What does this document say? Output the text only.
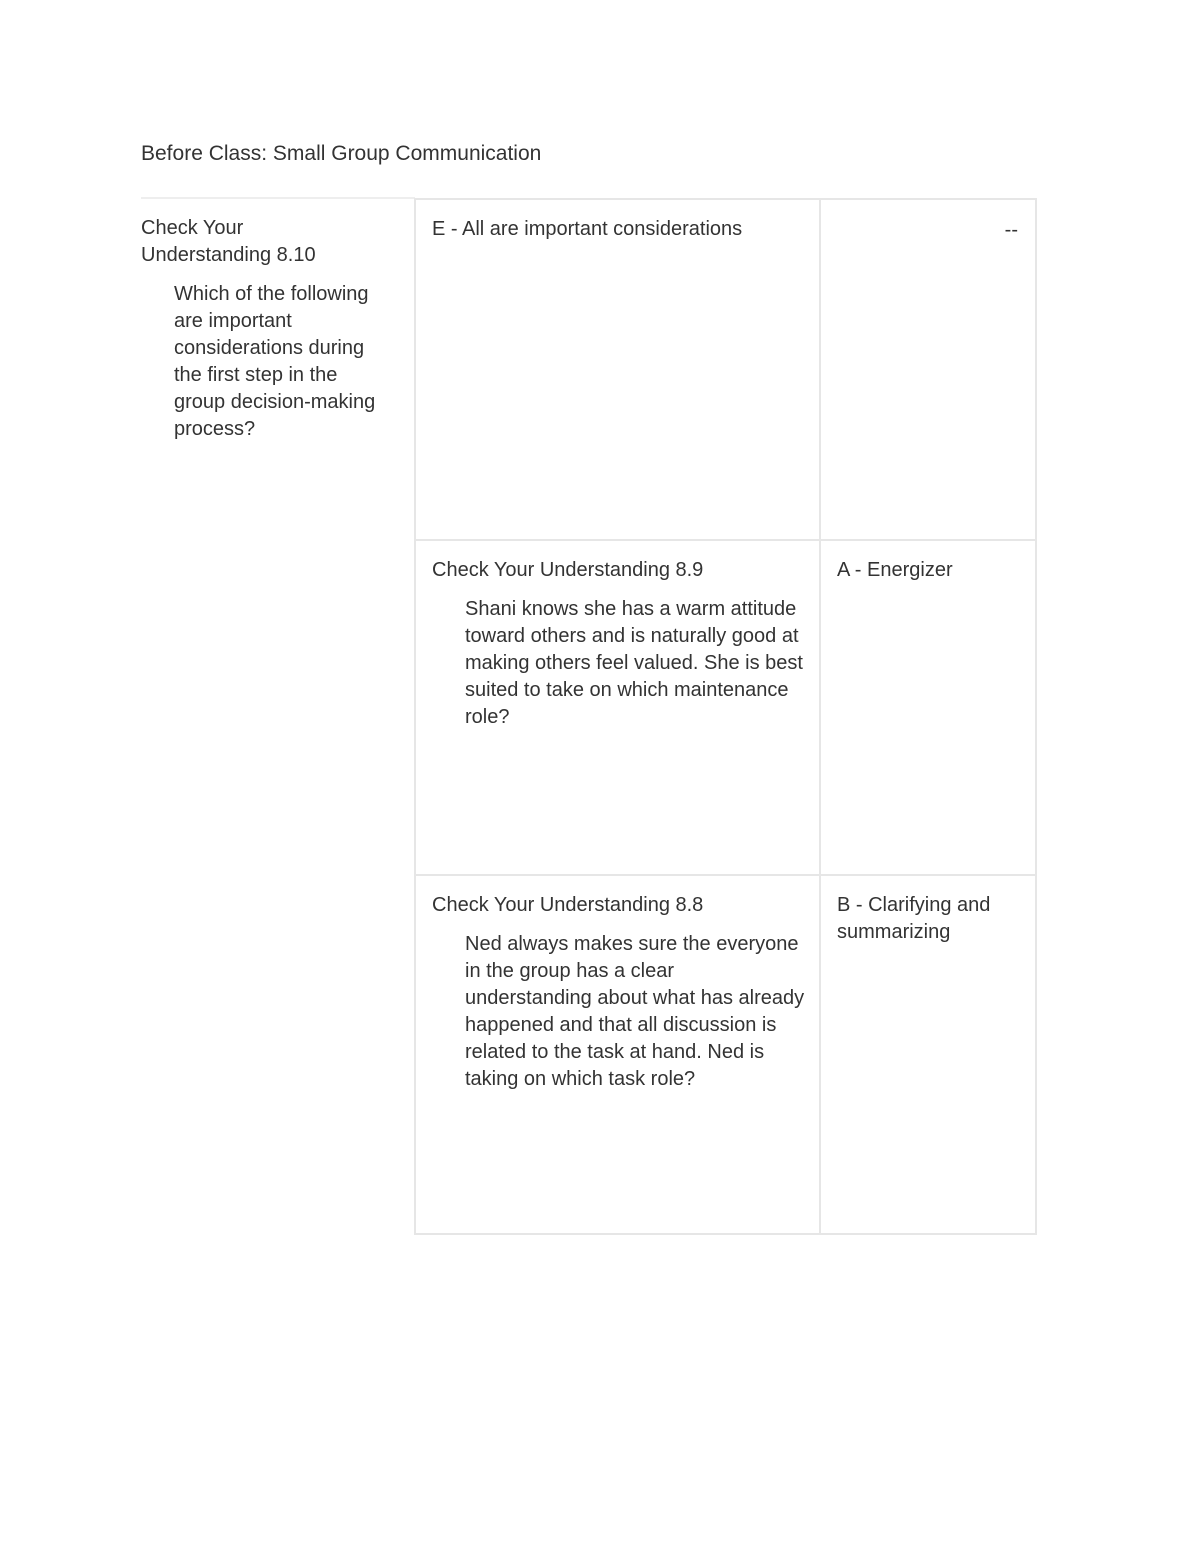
Before Class: Small Group Communication
Check Your Understanding 8.10
Which of the following are important considerations during the first step in the group decision-making process?
E - All are important considerations	--
Check Your Understanding 8.9
Shani knows she has a warm attitude toward others and is naturally good at making others feel valued. She is best suited to take on which maintenance role?
A - Energizer
Check Your Understanding 8.8
Ned always makes sure the everyone in the group has a clear understanding about what has already happened and that all discussion is related to the task at hand. Ned is taking on which task role?
B - Clarifying and summarizing
